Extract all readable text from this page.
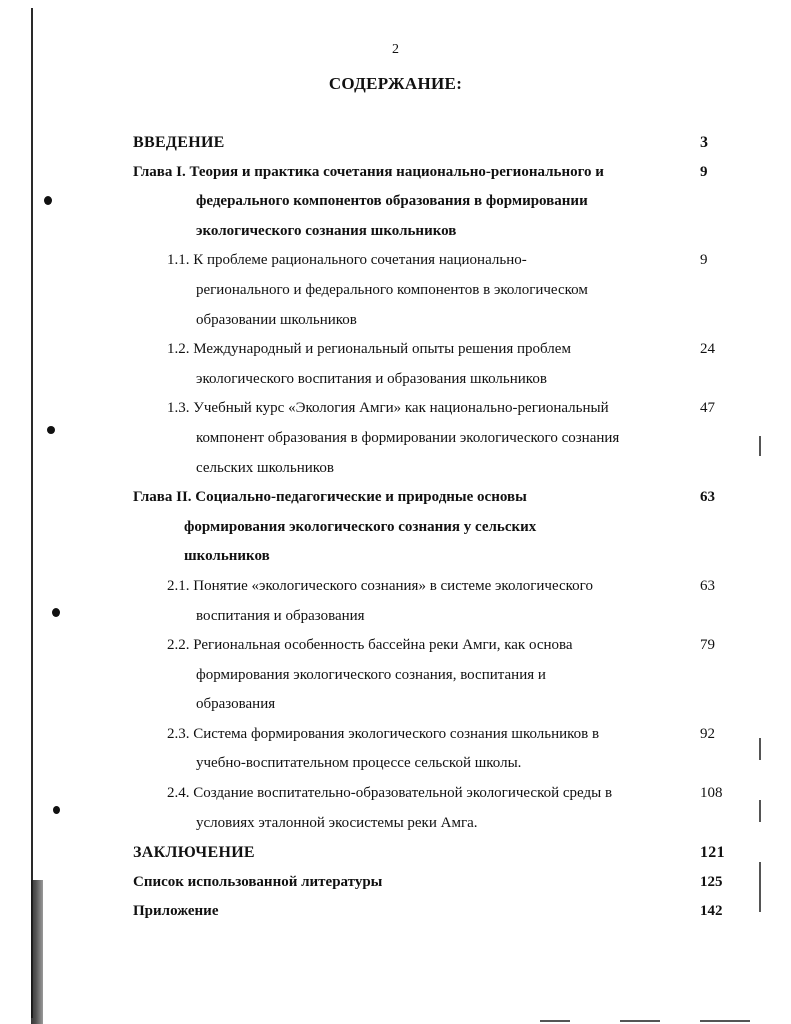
2
СОДЕРЖАНИЕ:
ВВЕДЕНИЕ	3
Глава I. Теория и практика сочетания национально-регионального и
федерального компонентов образования в формировании
экологического сознания школьников
9
1.1. К проблеме рационального сочетания национально-
регионального и федерального компонентов в экологическом
образовании школьников
9
1.2. Международный и региональный опыты решения проблем
экологического воспитания и образования школьников
24
1.3. Учебный курс «Экология Амги» как национально-региональный
компонент образования в формировании экологического сознания
сельских школьников
47
Глава II. Социально-педагогические и природные основы
формирования экологического сознания у сельских
школьников
63
2.1. Понятие «экологического сознания» в системе экологического
воспитания и образования
63
2.2. Региональная особенность бассейна реки Амги, как основа
формирования экологического сознания, воспитания и
образования
79
2.3. Система формирования экологического сознания школьников в
учебно-воспитательном процессе сельской школы.
92
2.4. Создание воспитательно-образовательной экологической среды в
условиях эталонной экосистемы реки Амга.
108
ЗАКЛЮЧЕНИЕ	121
Список использованной литературы	125
Приложение	142
